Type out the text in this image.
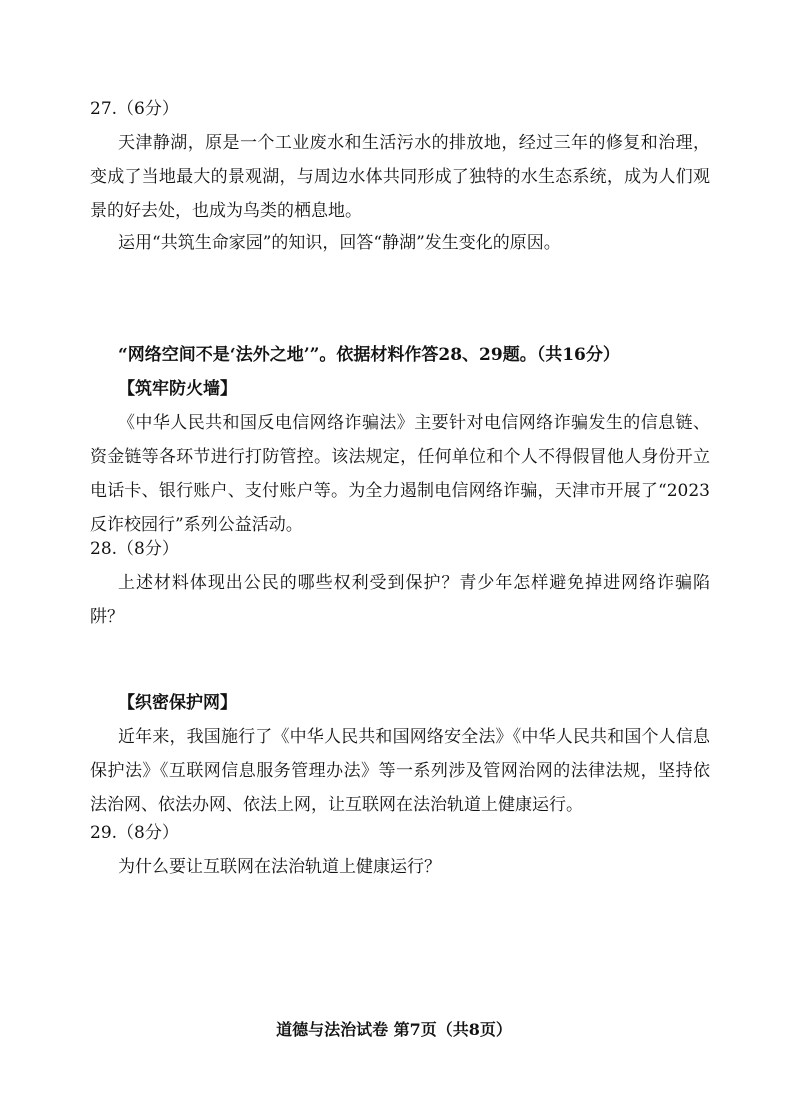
27.（6分）

天津静湖，原是一个工业废水和生活污水的排放地，经过三年的修复和治理，变成了当地最大的景观湖，与周边水体共同形成了独特的水生态系统，成为人们观景的好去处，也成为鸟类的栖息地。

运用“共筑生命家园”的知识，回答“静湖”发生变化的原因。

“网络空间不是‘法外之地’”。依据材料作答28、29题。（共16分）

【筑牢防火墙】

《中华人民共和国反电信网络诈骗法》主要针对电信网络诈骗发生的信息链、资金链等各环节进行打防管控。该法规定，任何单位和个人不得假冒他人身份开立电话卡、银行账户、支付账户等。为全力遏制电信网络诈骗，天津市开展了“2023反诈校园行”系列公益活动。

28.（8分）

上述材料体现出公民的哪些权利受到保护？青少年怎样避免掉进网络诈骗陷阱？

【织密保护网】

近年来，我国施行了《中华人民共和国网络安全法》《中华人民共和国个人信息保护法》《互联网信息服务管理办法》等一系列涉及管网治网的法律法规，坚持依法治网、依法办网、依法上网，让互联网在法治轨道上健康运行。

29.（8分）

为什么要让互联网在法治轨道上健康运行？

道德与法治试卷 第7页（共8页）
